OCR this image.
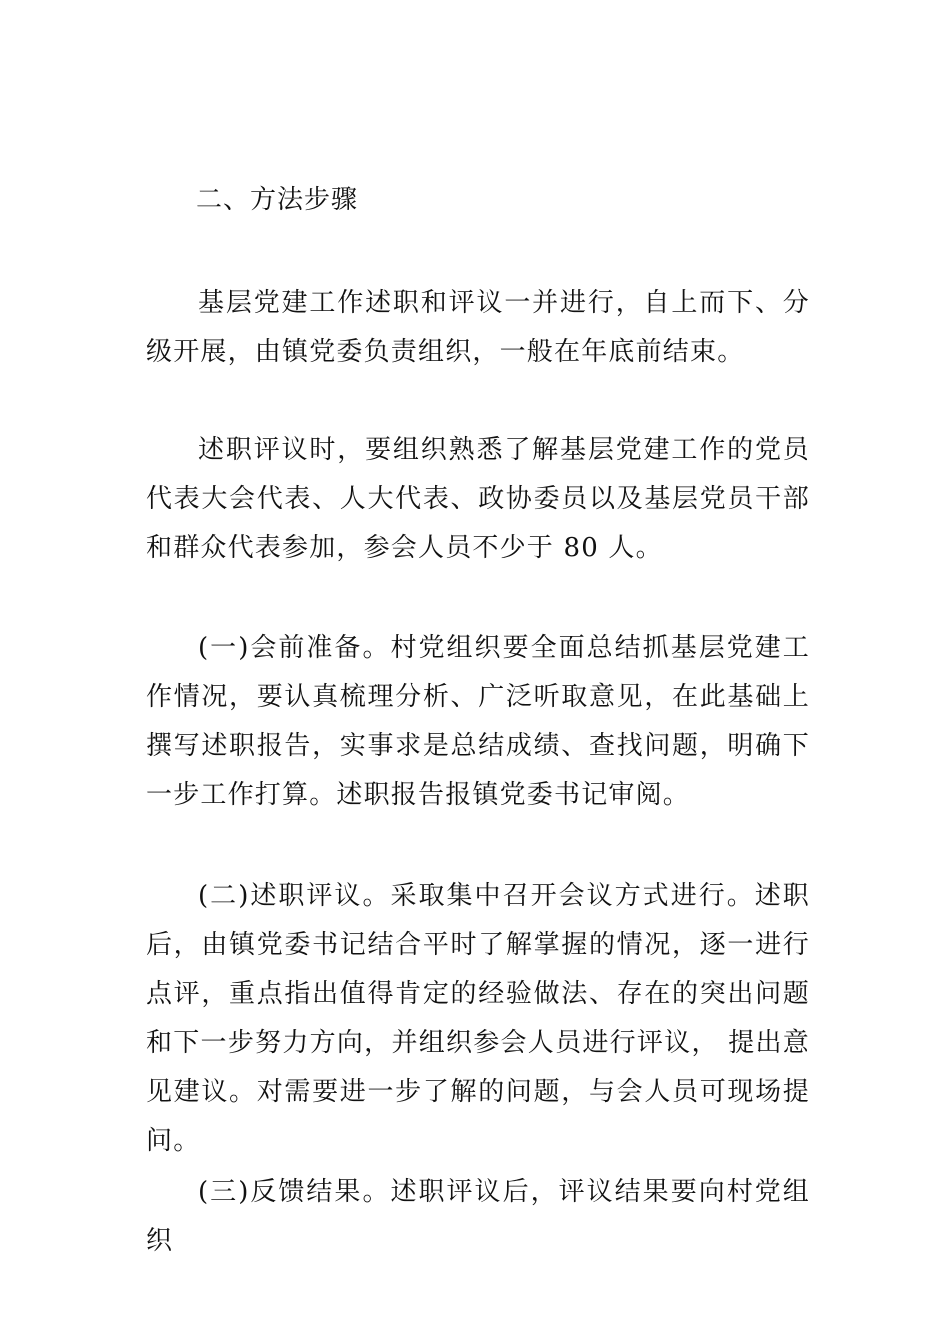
二、方法步骤

基层党建工作述职和评议一并进行，自上而下、分级开展，由镇党委负责组织，一般在年底前结束。

述职评议时，要组织熟悉了解基层党建工作的党员代表大会代表、人大代表、政协委员以及基层党员干部和群众代表参加，参会人员不少于 80 人。

(一)会前准备。村党组织要全面总结抓基层党建工作情况，要认真梳理分析、广泛听取意见，在此基础上撰写述职报告，实事求是总结成绩、查找问题，明确下一步工作打算。述职报告报镇党委书记审阅。

(二)述职评议。采取集中召开会议方式进行。述职后，由镇党委书记结合平时了解掌握的情况，逐一进行点评，重点指出值得肯定的经验做法、存在的突出问题和下一步努力方向，并组织参会人员进行评议， 提出意见建议。对需要进一步了解的问题，与会人员可现场提问。

(三)反馈结果。述职评议后，评议结果要向村党组织
